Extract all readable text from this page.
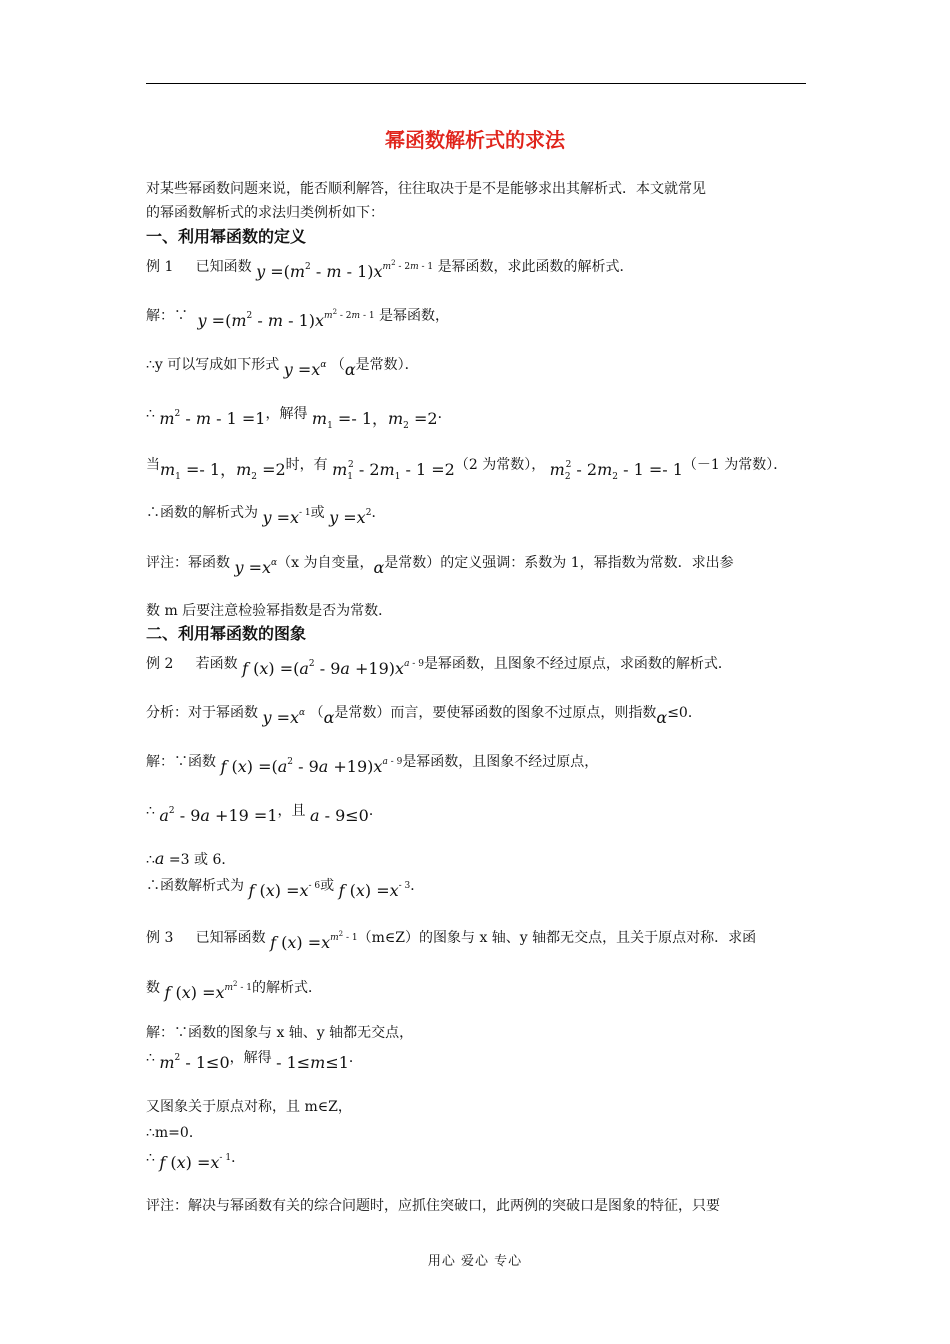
幂函数解析式的求法
对某些幂函数问题来说，能否顺利解答，往往取决于是不是能够求出其解析式．本文就常见
的幂函数解析式的求法归类例析如下：
一、利用幂函数的定义
例 1 已知函数 $y =(m^2 - m - 1)x^{m^2 - 2m - 1}$ 是幂函数，求此函数的解析式．
解：∵ $y =(m^2 - m - 1)x^{m^2 - 2m - 1}$ 是幂函数，
∴y 可以写成如下形式 $y =x^\alpha$ （α是常数）．
∴ $m^2 - m - 1 =1$，解得 $m_1 =- 1$，$m_2 =2$．
当$m_1 =- 1$，$m_2 =2$时，有 $m_1^2 - 2m_1 - 1 =2(2$ 为常数）， $m_2^2 - 2m_2 - 1 =- 1(-1$ 为常数）．
∴函数的解析式为 $y =x^{- 1}$或 $y =x^2$．
评注：幂函数 $y =x^\alpha(x$ 为自变量，α是常数）的定义强调：系数为 1，幂指数为常数．求出参
数 m 后要注意检验幂指数是否为常数．
二、利用幂函数的图象
例 2 若函数 f $(x) =(a^2 - 9a +19)x^{a - 9}$是幂函数，且图象不经过原点，求函数的解析式．
分析：对于幂函数 $y =x^\alpha$ （α是常数）而言，要使幂函数的图象不过原点，则指数α≤0．
解：∵函数 f $(x) =(a^2 - 9a +19)x^{a - 9}$是幂函数，且图象不经过原点，
∴ $a^2 - 9a +19 =1$，且 a - 9≤0．
∴a =3 或 6．
∴函数解析式为 f $(x) =x^{- 6}$或 f $(x) =x^{- 3}$．
例 3 已知幂函数 f $(x) =x^{m^2 - 1}(m\in Z)$的图象与 x 轴、y 轴都无交点，且关于原点对称．求函
数 f $(x) =x^{m^2 - 1}$的解析式．
解：∵函数的图象与 x 轴、y 轴都无交点，
∴ $m^2 - 1\le 0$，解得 - 1≤m≤1．
又图象关于原点对称，且 m∈Z，
∴m=0．
∴ f $(x) =x^{- 1}$．
评注：解决与幂函数有关的综合问题时，应抓住突破口，此两例的突破口是图象的特征，只要
用心 爱心 专心
